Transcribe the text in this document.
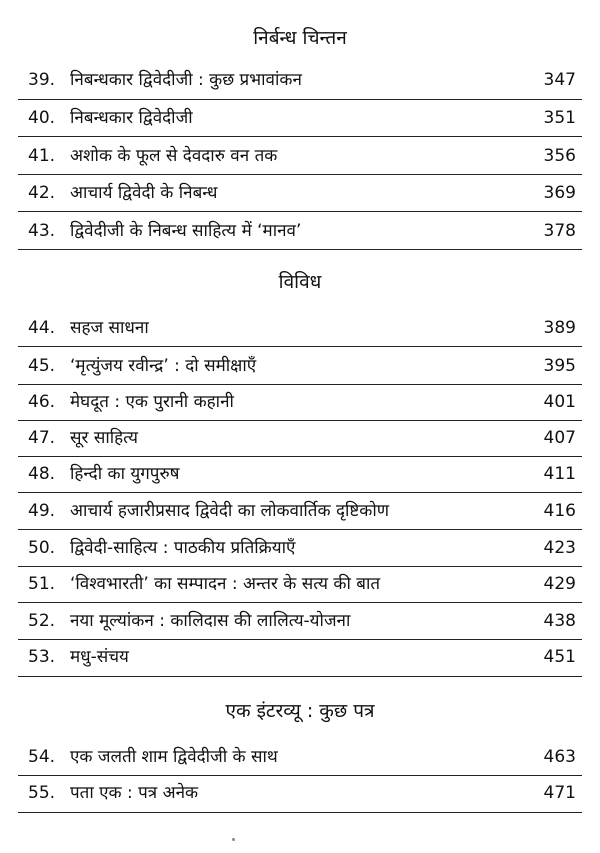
निर्बन्ध चिन्तन
39. निबन्धकार द्विवेदीजी : कुछ प्रभावांकन	347
40. निबन्धकार द्विवेदीजी	351
41. अशोक के फूल से देवदारु वन तक	356
42. आचार्य द्विवेदी के निबन्ध	369
43. द्विवेदीजी के निबन्ध साहित्य में ‘मानव’	378
विविध
44. सहज साधना	389
45. ‘मृत्युंजय रवीन्द्र’ : दो समीक्षाएँ	395
46. मेघदूत : एक पुरानी कहानी	401
47. सूर साहित्य	407
48. हिन्दी का युगपुरुष	411
49. आचार्य हजारीप्रसाद द्विवेदी का लोकवार्तिक दृष्टिकोण	416
50. द्विवेदी-साहित्य : पाठकीय प्रतिक्रियाएँ	423
51. ‘विश्वभारती’ का सम्पादन : अन्तर के सत्य की बात	429
52. नया मूल्यांकन : कालिदास की लालित्य-योजना	438
53. मधु-संचय	451
एक इंटरव्यू : कुछ पत्र
54. एक जलती शाम द्विवेदीजी के साथ	463
55. पता एक : पत्र अनेक	471
